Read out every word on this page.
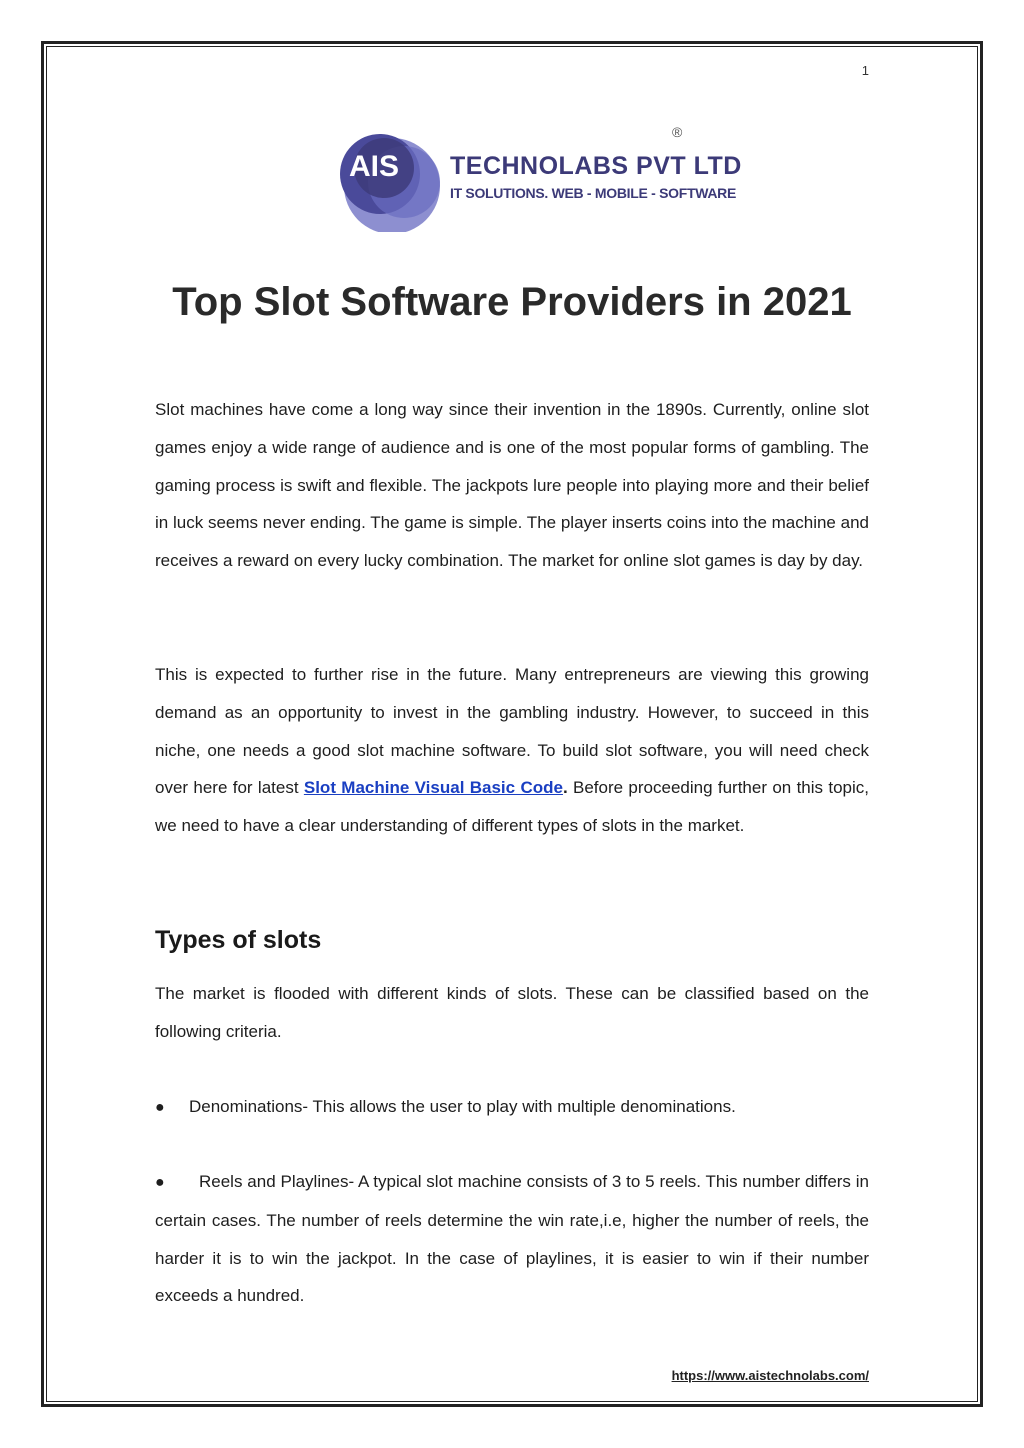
1
AIS TECHNOLABS PVT LTD
IT SOLUTIONS. WEB - MOBILE - SOFTWARE
®
Top Slot Software Providers in 2021

Slot machines have come a long way since their invention in the 1890s. Currently, online slot games enjoy a wide range of audience and is one of the most popular forms of gambling. The gaming process is swift and flexible. The jackpots lure people into playing more and their belief in luck seems never ending. The game is simple. The player inserts coins into the machine and receives a reward on every lucky combination. The market for online slot games is day by day.

This is expected to further rise in the future. Many entrepreneurs are viewing this growing demand as an opportunity to invest in the gambling industry. However, to succeed in this niche, one needs a good slot machine software. To build slot software, you will need check over here for latest Slot Machine Visual Basic Code. Before proceeding further on this topic, we need to have a clear understanding of different types of slots in the market.

Types of slots

The market is flooded with different kinds of slots. These can be classified based on the following criteria.

● Denominations- This allows the user to play with multiple denominations.

● Reels and Playlines- A typical slot machine consists of 3 to 5 reels. This number differs in certain cases. The number of reels determine the win rate,i.e, higher the number of reels, the harder it is to win the jackpot. In the case of playlines, it is easier to win if their number exceeds a hundred.

https://www.aistechnolabs.com/
